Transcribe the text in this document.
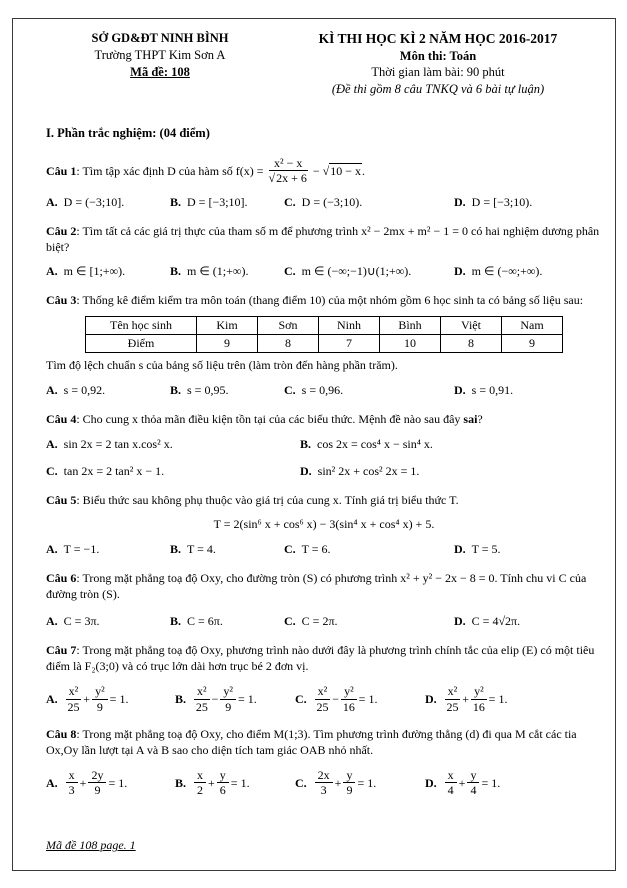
SỞ GD&ĐT NINH BÌNH
Trường THPT Kim Sơn A
Mã đề: 108
KÌ THI HỌC KÌ 2 NĂM HỌC 2016-2017
Môn thi: Toán
Thời gian làm bài: 90 phút
(Đề thi gồm 8 câu TNKQ và 6 bài tự luận)
I. Phần trắc nghiệm: (04 điểm)
Câu 1: Tìm tập xác định D của hàm số $f(x) = \frac{\text{x² − x}}{√2x + 6} - √10 - x$.
A. D = (−3;10].	B. D = [−3;10].	C. D = (−3;10).	D. D = [−3;10).
Câu 2: Tìm tất cả các giá trị thực của tham số m để phương trình x² − 2mx + m² − 1 = 0 có hai nghiệm dương phân biệt?
A. m ∈ [1;+∞).	B. m ∈ (1;+∞).	C. m ∈ (−∞;−1)∪(1;+∞).	D. m ∈ (−∞;+∞).
Câu 3: Thống kê điểm kiểm tra môn toán (thang điểm 10) của một nhóm gồm 6 học sinh ta có bảng số liệu sau:
Tên học sinh	Kim	Sơn	Ninh	Bình	Việt	Nam
Điểm	9	8	7	10	8	9
Tìm độ lệch chuẩn s của bảng số liệu trên (làm tròn đến hàng phần trăm).
A. s = 0,92.	B. s = 0,95.	C. s = 0,96.	D. s = 0,91.
Câu 4: Cho cung x thỏa mãn điều kiện tồn tại của các biểu thức. Mệnh đề nào sau đây sai?
A. sin 2x = 2 tan x.cos² x.	B. cos 2x = cos⁴ x − sin⁴ x.
C. tan 2x = 2 tan² x − 1.	D. sin² 2x + cos² 2x = 1.
Câu 5: Biểu thức sau không phụ thuộc vào giá trị của cung x. Tính giá trị biểu thức T.
T = 2(sin⁶ x + cos⁶ x) − 3(sin⁴ x + cos⁴ x) + 5.
A. T = −1.	B. T = 4.	C. T = 6.	D. T = 5.
Câu 6: Trong mặt phẳng toạ độ Oxy, cho đường tròn (S) có phương trình x² + y² − 2x − 8 = 0. Tính chu vi C của đường tròn (S).
A. C = 3π.	B. C = 6π.	C. C = 2π.	D. C = 4√2π.
Câu 7: Trong mặt phẳng toạ độ Oxy, phương trình nào dưới đây là phương trình chính tắc của elip (E) có một tiêu điểm là F₂(3;0) và có trục lớn dài hơn trục bé 2 đơn vị.
A. $\frac{\text{x²}}{25} + \frac{\text{y²}}{9} = 1$.	B. $\frac{\text{x²}}{25} - \frac{\text{y²}}{9} = 1$.	C. $\frac{\text{x²}}{25} - \frac{\text{y²}}{16} = 1$.	D. $\frac{\text{x²}}{25} + \frac{\text{y²}}{16} = 1$.
Câu 8: Trong mặt phẳng toạ độ Oxy, cho điểm M(1;3). Tìm phương trình đường thẳng (d) đi qua M cắt các tia Ox,Oy lần lượt tại A và B sao cho diện tích tam giác OAB nhỏ nhất.
A. $\frac{x}{3} + \frac{2y}{9} = 1$.	B. $\frac{x}{2} + \frac{y}{6} = 1$.	C. $\frac{2x}{3} + \frac{y}{9} = 1$.	D. $\frac{x}{4} + \frac{y}{4} = 1$.
Mã đề 108 page. 1
